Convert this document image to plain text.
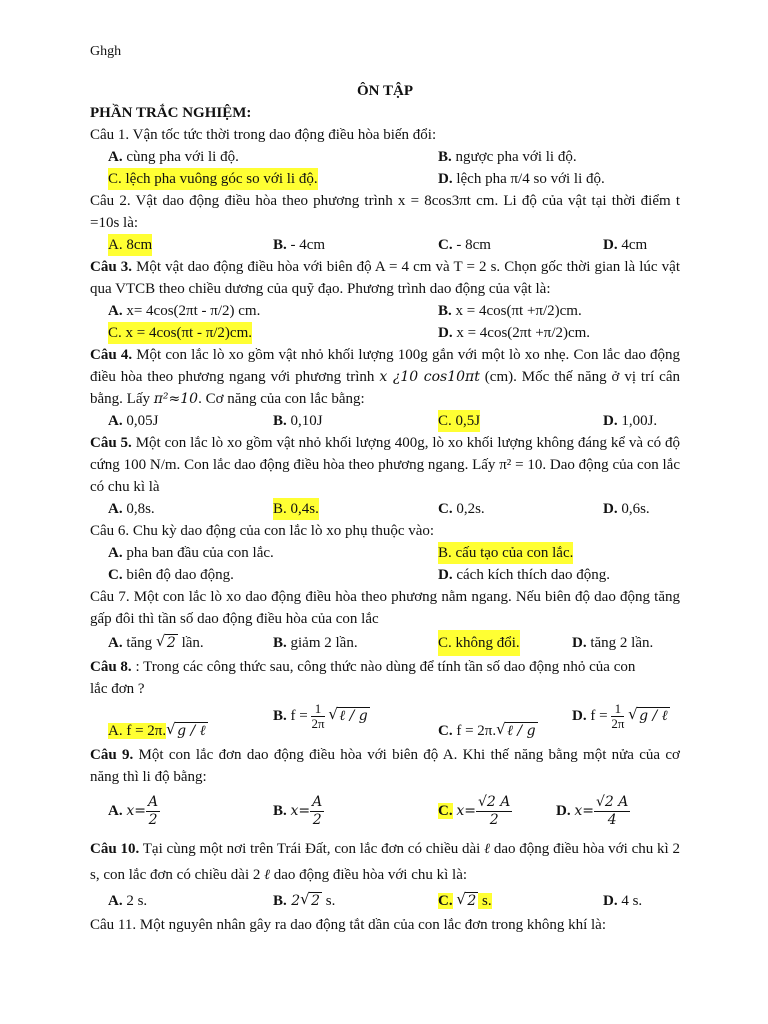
Ghgh
ÔN TẬP
PHẦN TRẮC NGHIỆM:
Câu 1. Vận tốc tức thời trong dao động điều hòa biến đổi:
A. cùng pha với li độ.	B. ngược pha với li độ.
C. lệch pha vuông góc so với li độ.	D. lệch pha π/4 so với li độ.
Câu 2. Vật dao động điều hòa theo phương trình x = 8cos3πt cm. Li độ của vật tại thời điểm t =10s là:
A. 8cm	B. - 4cm	C. - 8cm	D. 4cm
Câu 3. Một vật dao động điều hòa với biên độ A = 4 cm và T = 2 s. Chọn gốc thời gian là lúc vật qua VTCB theo chiều dương của quỹ đạo. Phương trình dao động của vật là:
A. x= 4cos(2πt - π/2) cm.	B. x = 4cos(πt +π/2)cm.
C. x = 4cos(πt - π/2)cm.	D. x = 4cos(2πt +π/2)cm.
Câu 4. Một con lắc lò xo gồm vật nhỏ khối lượng 100g gắn với một lò xo nhẹ. Con lắc dao động điều hòa theo phương ngang với phương trình x ¿10 cos10πt (cm). Mốc thế năng ở vị trí cân bằng. Lấy π²≈10. Cơ năng của con lắc bằng:
A. 0,05J	B. 0,10J	C. 0,5J	D. 1,00J.
Câu 5. Một con lắc lò xo gồm vật nhỏ khối lượng 400g, lò xo khối lượng không đáng kể và có độ cứng 100 N/m. Con lắc dao động điều hòa theo phương ngang. Lấy π² = 10. Dao động của con lắc có chu kì là
A. 0,8s.	B. 0,4s.	C. 0,2s.	D. 0,6s.
Câu 6. Chu kỳ dao động của con lắc lò xo phụ thuộc vào:
A. pha ban đầu của con lắc.	B. cấu tạo của con lắc.
C. biên độ dao động.	D. cách kích thích dao động.
Câu 7. Một con lắc lò xo dao động điều hòa theo phương nằm ngang. Nếu biên độ dao động tăng gấp đôi thì tần số dao động điều hòa của con lắc
A. tăng √ 2 lần.	B. giảm 2 lần.	C. không đổi.	D. tăng 2 lần.
Câu 8. : Trong các công thức sau, công thức nào dùng để tính tần số dao động nhỏ của con
lắc đơn ?
A. f = 2π. √ g / ℓ
B. $f = \frac{1}{2\pi}$ √ ℓ / g
C. f = 2π. √ ℓ / g
D. $f = \frac{1}{2\pi}$ √ g / ℓ
Câu 9. Một con lắc đơn dao động điều hòa với biên độ A. Khi thế năng bằng một nửa của cơ năng thì li độ bằng:
A. $x= \frac{A}{2}$	B. $x= \frac{A}{2}$	C. $x= \frac{√2 A}{2}$	D. $x= \frac{√2 A}{4}$
Câu 10. Tại cùng một nơi trên Trái Đất, con lắc đơn có chiều dài ℓ dao động điều hòa với chu kì 2 s, con lắc đơn có chiều dài 2 ℓ dao động điều hòa với chu kì là:
A. 2 s.	B. 2 √ 2 s.	C. √ 2 s.	D. 4 s.
Câu 11. Một nguyên nhân gây ra dao động tắt dần của con lắc đơn trong không khí là:
